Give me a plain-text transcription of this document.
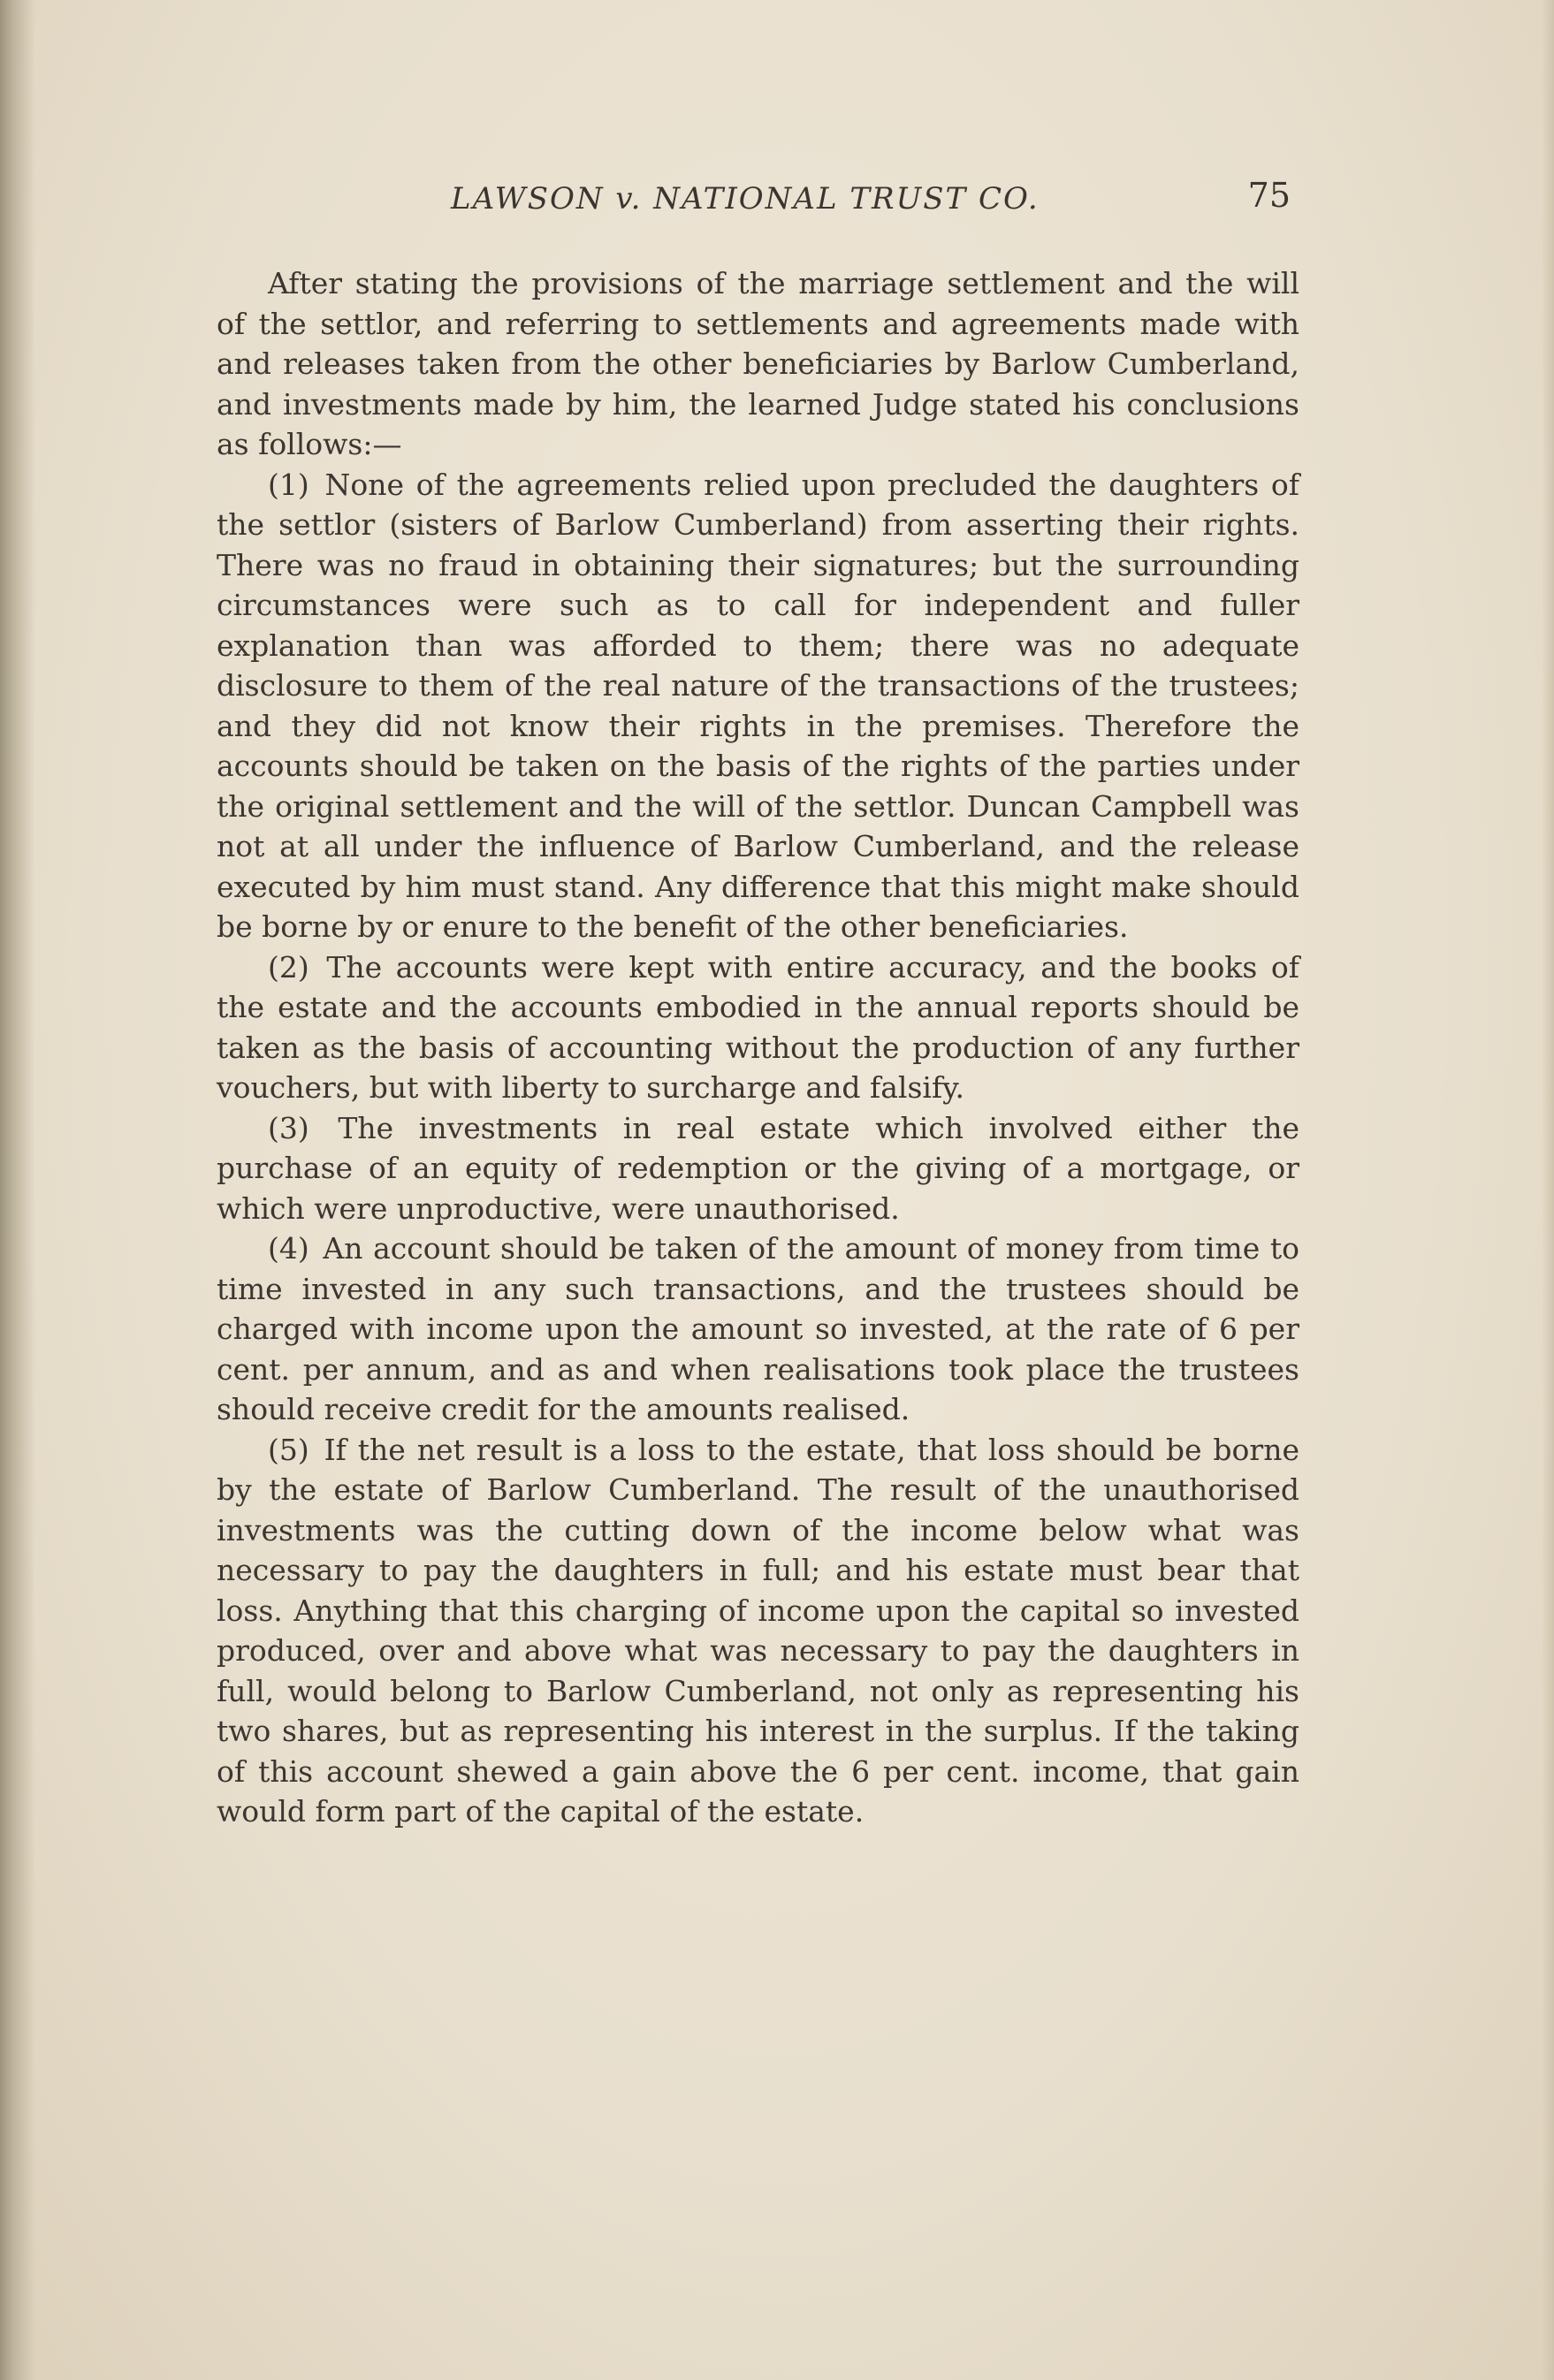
LAWSON v. NATIONAL TRUST CO.	75

After stating the provisions of the marriage settlement and the will of the settlor, and referring to settlements and agreements made with and releases taken from the other beneficiaries by Barlow Cumberland, and investments made by him, the learned Judge stated his conclusions as follows:—

(1) None of the agreements relied upon precluded the daughters of the settlor (sisters of Barlow Cumberland) from asserting their rights. There was no fraud in obtaining their signatures; but the surrounding circumstances were such as to call for independent and fuller explanation than was afforded to them; there was no adequate disclosure to them of the real nature of the transactions of the trustees; and they did not know their rights in the premises. Therefore the accounts should be taken on the basis of the rights of the parties under the original settlement and the will of the settlor. Duncan Campbell was not at all under the influence of Barlow Cumberland, and the release executed by him must stand. Any difference that this might make should be borne by or enure to the benefit of the other beneficiaries.

(2) The accounts were kept with entire accuracy, and the books of the estate and the accounts embodied in the annual reports should be taken as the basis of accounting without the production of any further vouchers, but with liberty to surcharge and falsify.

(3) The investments in real estate which involved either the purchase of an equity of redemption or the giving of a mortgage, or which were unproductive, were unauthorised.

(4) An account should be taken of the amount of money from time to time invested in any such transactions, and the trustees should be charged with income upon the amount so invested, at the rate of 6 per cent. per annum, and as and when realisations took place the trustees should receive credit for the amounts realised.

(5) If the net result is a loss to the estate, that loss should be borne by the estate of Barlow Cumberland. The result of the unauthorised investments was the cutting down of the income below what was necessary to pay the daughters in full; and his estate must bear that loss. Anything that this charging of income upon the capital so invested produced, over and above what was necessary to pay the daughters in full, would belong to Barlow Cumberland, not only as representing his two shares, but as representing his interest in the surplus. If the taking of this account shewed a gain above the 6 per cent. income, that gain would form part of the capital of the estate.
